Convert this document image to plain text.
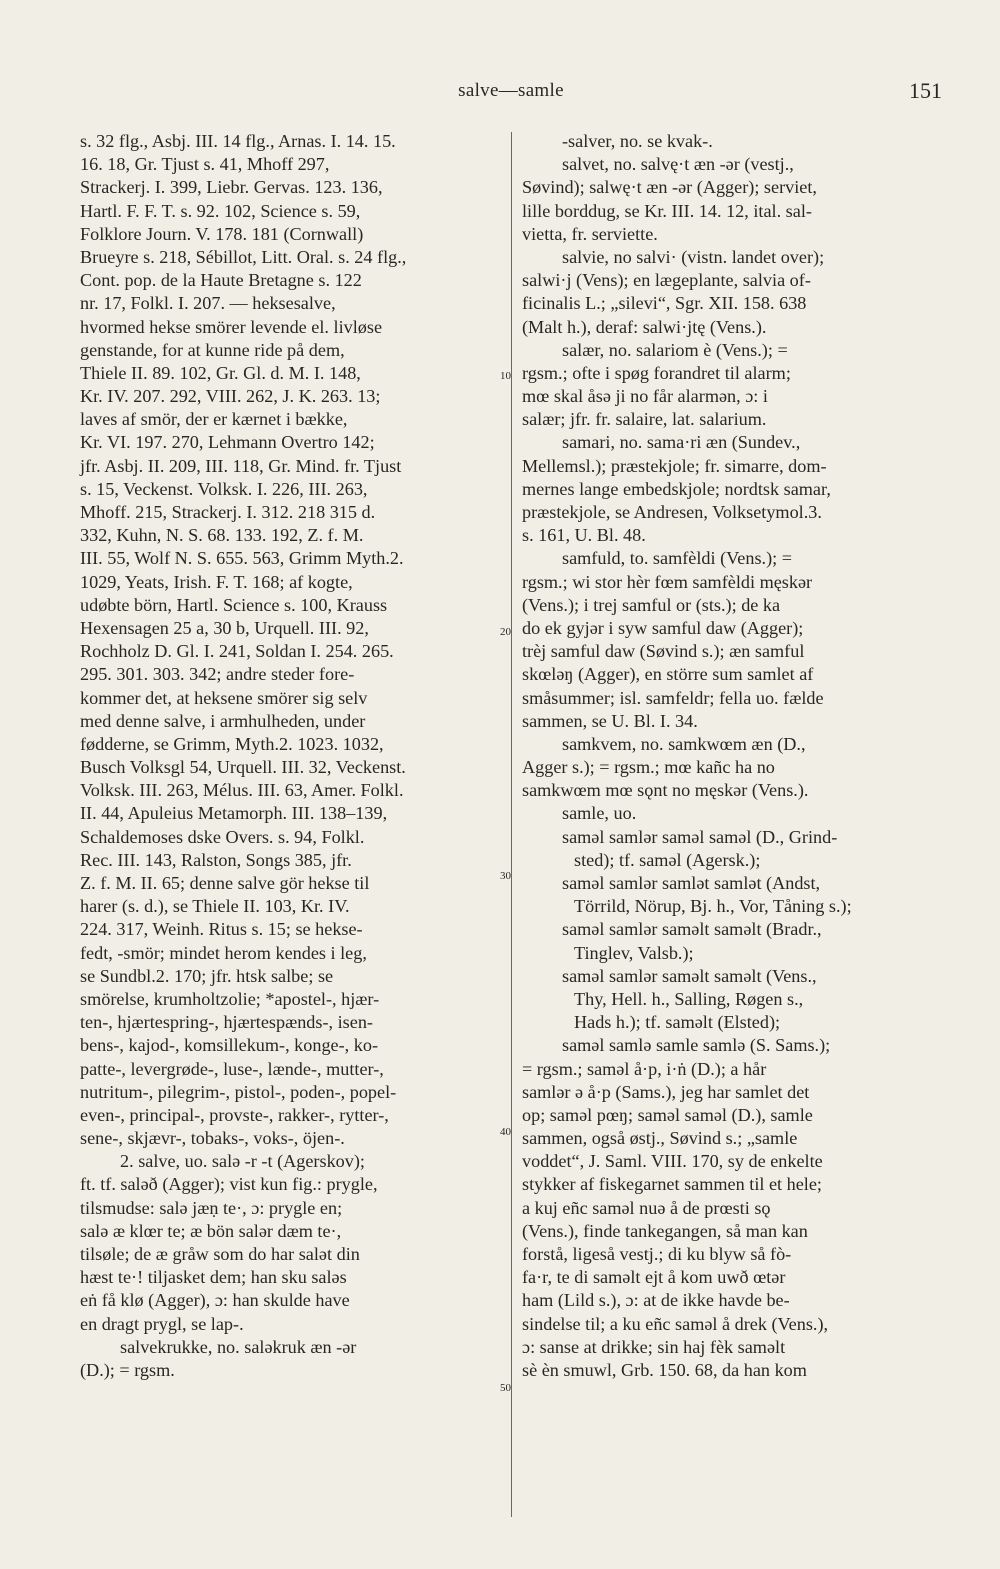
salve—samle	151
s. 32 flg., Asbj. III. 14 flg., Arnas. I. 14. 15.
16. 18, Gr. Tjust s. 41, Mhoff 297,
Strackerj. I. 399, Liebr. Gervas. 123. 136,
Hartl. F. F. T. s. 92. 102, Science s. 59,
Folklore Journ. V. 178. 181 (Cornwall)
Brueyre s. 218, Sébillot, Litt. Oral. s. 24 flg.,
Cont. pop. de la Haute Bretagne s. 122
nr. 17, Folkl. I. 207. — heksesalve,
hvormed hekse smörer levende el. livløse
genstande, for at kunne ride på dem,
Thiele II. 89. 102, Gr. Gl. d. M. I. 148,
Kr. IV. 207. 292, VIII. 262, J. K. 263. 13;
laves af smör, der er kærnet i bække,
Kr. VI. 197. 270, Lehmann Overtro 142;
jfr. Asbj. II. 209, III. 118, Gr. Mind. fr. Tjust
s. 15, Veckenst. Volksk. I. 226, III. 263,
Mhoff. 215, Strackerj. I. 312. 218 315 d.
332, Kuhn, N. S. 68. 133. 192, Z. f. M.
III. 55, Wolf N. S. 655. 563, Grimm Myth.2.
1029, Yeats, Irish. F. T. 168; af kogte,
udøbte börn, Hartl. Science s. 100, Krauss
Hexensagen 25 a, 30 b, Urquell. III. 92,
Rochholz D. Gl. I. 241, Soldan I. 254. 265.
295. 301. 303. 342; andre steder fore-
kommer det, at heksene smörer sig selv
med denne salve, i armhulheden, under
fødderne, se Grimm, Myth.2. 1023. 1032,
Busch Volksgl 54, Urquell. III. 32, Veckenst.
Volksk. III. 263, Mélus. III. 63, Amer. Folkl.
II. 44, Apuleius Metamorph. III. 138–139,
Schaldemoses dske Overs. s. 94, Folkl.
Rec. III. 143, Ralston, Songs 385, jfr.
Z. f. M. II. 65; denne salve gör hekse til
harer (s. d.), se Thiele II. 103, Kr. IV.
224. 317, Weinh. Ritus s. 15; se hekse-
fedt, -smör; mindet herom kendes i leg,
se Sundbl.2. 170; jfr. htsk salbe; se
smörelse, krumholtzolie; *apostel-, hjær-
ten-, hjærtespring-, hjærtespænds-, isen-
bens-, kajod-, komsillekum-, konge-, ko-
patte-, levergrøde-, luse-, lænde-, mutter-,
nutritum-, pilegrim-, pistol-, poden-, popel-
even-, principal-, provste-, rakker-, rytter-,
sene-, skjævr-, tobaks-, voks-, öjen-.
2. salve, uo. salə -r -t (Agerskov);
ft. tf. saləð (Agger); vist kun fig.: prygle,
tilsmudse: salə jæṇ te·, ɔ: prygle en;
salə æ klœr te; æ bön salər dæm te·,
tilsøle; de æ gråw som do har salət din
hæst te·! tiljasket dem; han sku saləs
eṅ få klø (Agger), ɔ: han skulde have
en dragt prygl, se lap-.
salvekrukke, no. saləkruk æn -ər
(D.); = rgsm.
-salver, no. se kvak-.
salvet, no. salvę·t æn -ər (vestj.,
Søvind); salwę·t æn -ər (Agger); serviet,
lille borddug, se Kr. III. 14. 12, ital. sal-
vietta, fr. serviette.
salvie, no salvi· (vistn. landet over);
salwi·j (Vens); en lægeplante, salvia of-
ficinalis L.; „silevi“, Sgr. XII. 158. 638
(Malt h.), deraf: salwi·jtę (Vens.).
salær, no. salariom è (Vens.); =
rgsm.; ofte i spøg forandret til alarm;
mœ skal åsə ji no får alarmən, ɔ: i
salær; jfr. fr. salaire, lat. salarium.
samari, no. sama·ri æn (Sundev.,
Mellemsl.); præstekjole; fr. simarre, dom-
mernes lange embedskjole; nordtsk samar,
præstekjole, se Andresen, Volksetymol.3.
s. 161, U. Bl. 48.
samfuld, to. samfèldi (Vens.); =
rgsm.; wi stor hèr fœm samfèldi męskər
(Vens.); i trej samful or (sts.); de ka
do ek gyjər i syw samful daw (Agger);
trèj samful daw (Søvind s.); æn samful
skœləŋ (Agger), en större sum samlet af
småsummer; isl. samfeldr; fella uo. fælde
sammen, se U. Bl. I. 34.
samkvem, no. samkwœm æn (D.,
Agger s.); = rgsm.; mœ kañc ha no
samkwœm mœ sǫnt no męskər (Vens.).
samle, uo.
saməl samlər saməl saməl (D., Grind-
sted); tf. saməl (Agersk.);
saməl samlər samlət samlət (Andst,
Törrild, Nörup, Bj. h., Vor, Tåning s.);
saməl samlər saməlt saməlt (Bradr.,
Tinglev, Valsb.);
saməl samlər saməlt saməlt (Vens.,
Thy, Hell. h., Salling, Røgen s.,
Hads h.); tf. samәlt (Elsted);
saməl samlə samle samlə (S. Sams.);
= rgsm.; saməl å·p, i·ṅ (D.); a hår
samlər ə å·p (Sams.), jeg har samlet det
op; samәl pœŋ; samәl saməl (D.), samle
sammen, også østj., Søvind s.; „samle
voddet“, J. Saml. VIII. 170, sy de enkelte
stykker af fiskegarnet sammen til et hele;
a kuj eñc saməl nuə å de prœsti sǫ
(Vens.), finde tankegangen, så man kan
forstå, ligeså vestj.; di ku blyw så fò-
fa·r, te di samәlt ejt å kom uwð œtər
ham (Lild s.), ɔ: at de ikke havde be-
sindelse til; a ku eñc saməl å drek (Vens.),
ɔ: sanse at drikke; sin haj fèk samәlt
sè èn smuwl, Grb. 150. 68, da han kom
10
20
30
40
50
